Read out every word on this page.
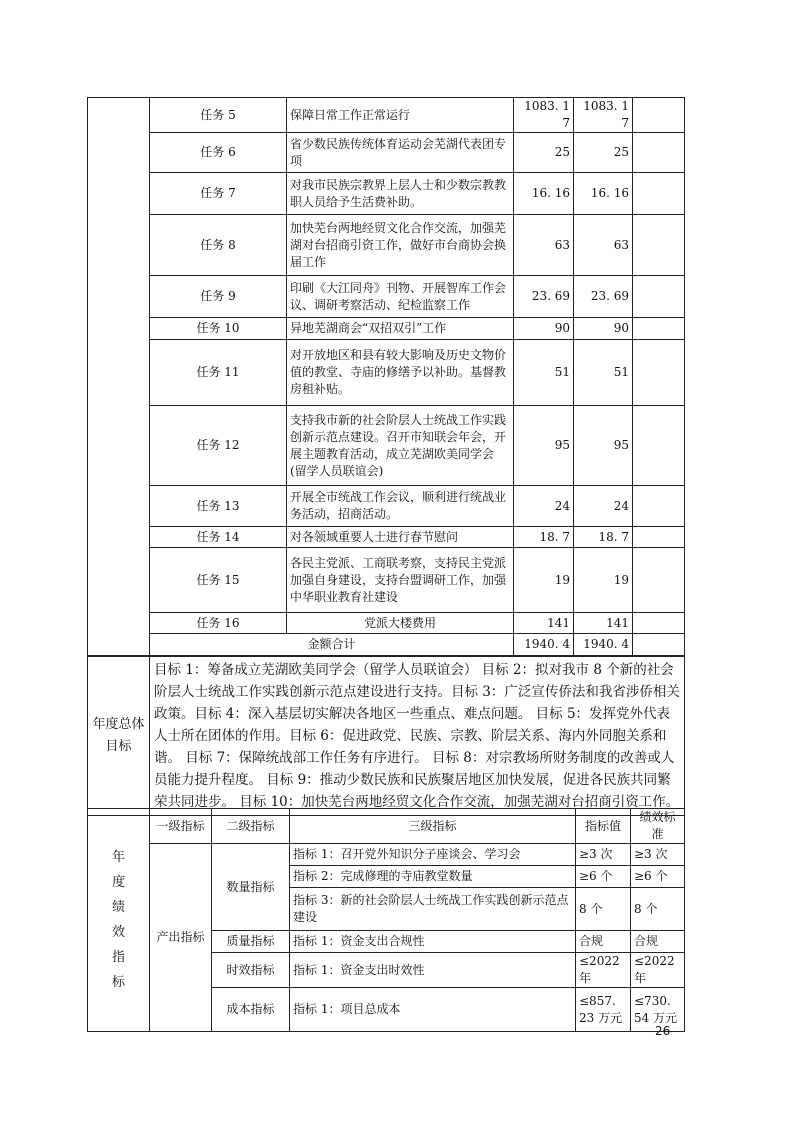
	任务 5	保障日常工作正常运行	1083. 17	1083. 17	
	任务 6	省少数民族传统体育运动会芜湖代表团专项	25	25	
	任务 7	对我市民族宗教界上层人士和少数宗教教职人员给予生活费补助。	16. 16	16. 16	
	任务 8	加快芜台两地经贸文化合作交流，加强芜湖对台招商引资工作，做好市台商协会换届工作	63	63	
	任务 9	印刷《大江同舟》刊物、开展智库工作会议、调研考察活动、纪检监察工作	23. 69	23. 69	
	任务 10	异地芜湖商会“双招双引”工作	90	90	
	任务 11	对开放地区和县有较大影响及历史文物价值的教堂、寺庙的修缮予以补助。基督教房租补贴。	51	51	
	任务 12	支持我市新的社会阶层人士统战工作实践创新示范点建设。召开市知联会年会，开展主题教育活动，成立芜湖欧美同学会(留学人员联谊会)	95	95	
	任务 13	开展全市统战工作会议，顺利进行统战业务活动，招商活动。	24	24	
	任务 14	对各领域重要人士进行春节慰问	18. 7	18. 7	
	任务 15	各民主党派、工商联考察，支持民主党派加强自身建设，支持台盟调研工作，加强中华职业教育社建设	19	19	
	任务 16	党派大楼费用	141	141	
	金额合计		1940. 4	1940. 4	
年度总体目标	目标 1：筹备成立芜湖欧美同学会（留学人员联谊会） 目标 2：拟对我市 8 个新的社会阶层人士统战工作实践创新示范点建设进行支持。目标 3：广泛宣传侨法和我省涉侨相关政策。目标 4：深入基层切实解决各地区一些重点、难点问题。 目标 5：发挥党外代表人士所在团体的作用。目标 6：促进政党、民族、宗教、阶层关系、海内外同胞关系和谐。 目标 7：保障统战部工作任务有序进行。 目标 8：对宗教场所财务制度的改善或人员能力提升程度。 目标 9：推动少数民族和民族聚居地区加快发展，促进各民族共同繁荣共同进步。 目标 10：加快芜台两地经贸文化合作交流，加强芜湖对台招商引资工作。
年度绩效指标	一级指标	二级指标	三级指标	指标值	绩效标准
	产出指标	数量指标	指标 1：召开党外知识分子座谈会、学习会	≥3 次	≥3 次
			指标 2：完成修理的寺庙教堂数量	≥6 个	≥6 个
			指标 3：新的社会阶层人士统战工作实践创新示范点建设	8 个	8 个
		质量指标	指标 1：资金支出合规性	合规	合规
		时效指标	指标 1：资金支出时效性	≤2022 年	≤2022 年
		成本指标	指标 1：项目总成本	≤857. 23 万元	≤730. 54 万元
26
